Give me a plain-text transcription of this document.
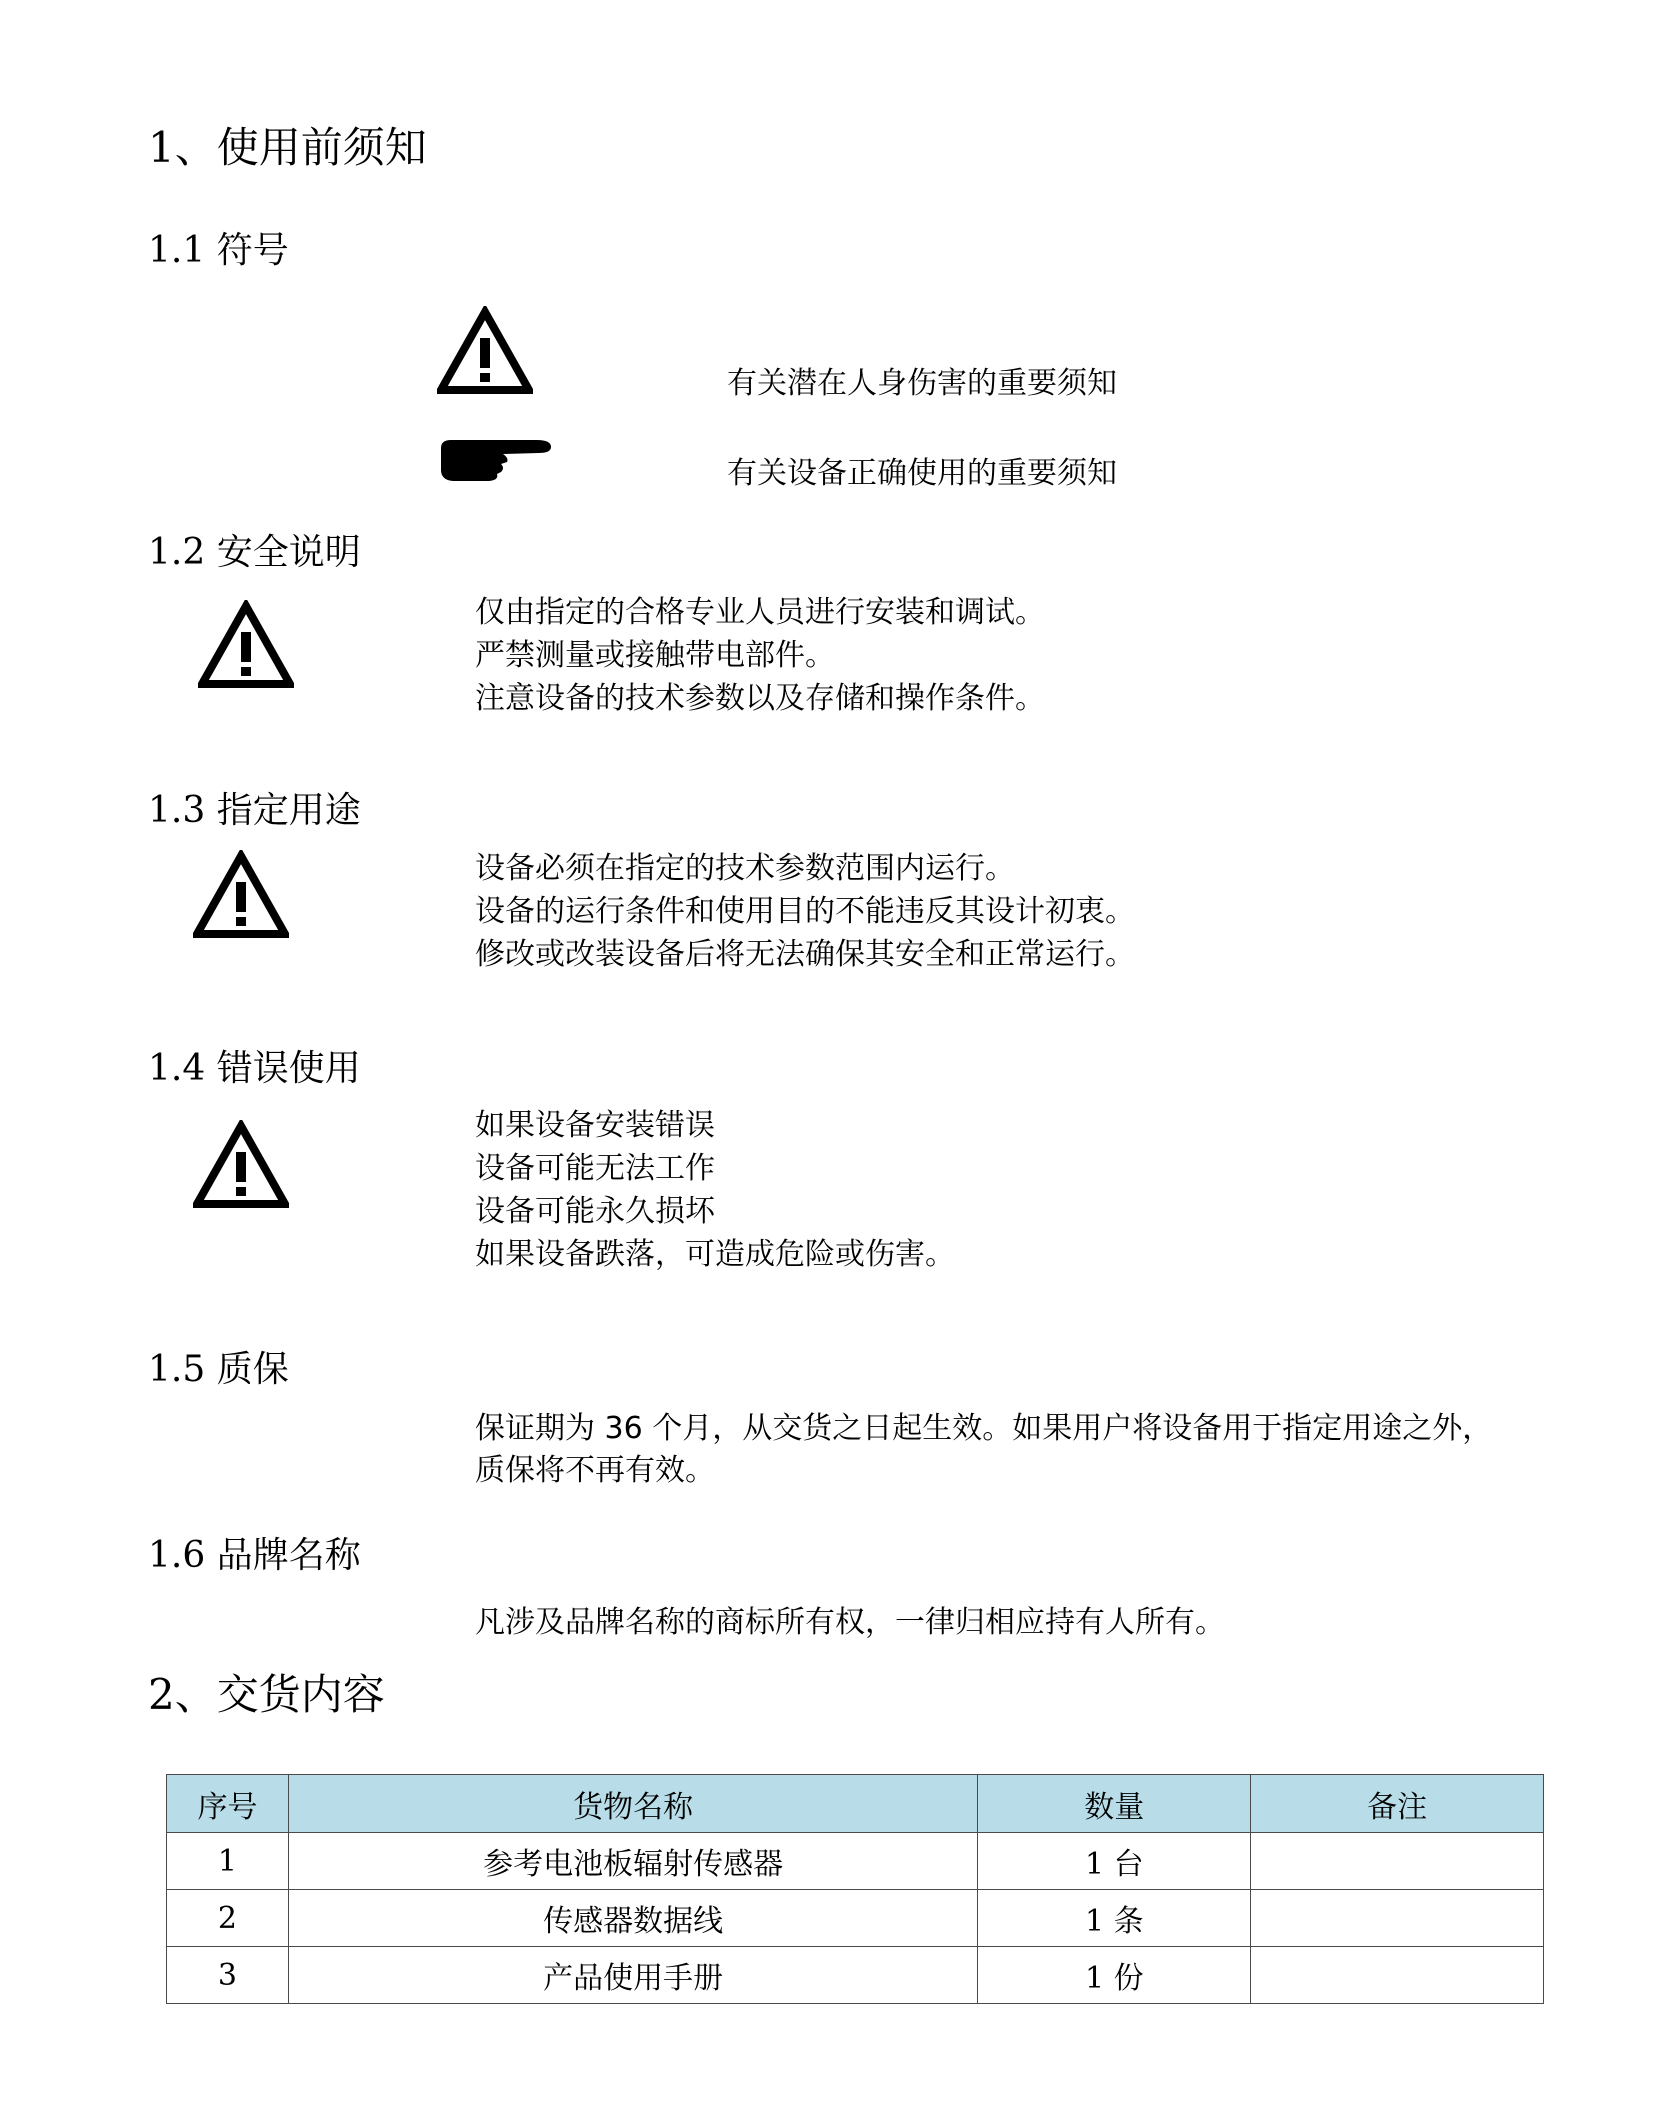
1、使用前须知
1.1 符号
有关潜在人身伤害的重要须知
有关设备正确使用的重要须知
1.2 安全说明
仅由指定的合格专业人员进行安装和调试。
严禁测量或接触带电部件。
注意设备的技术参数以及存储和操作条件。
1.3 指定用途
设备必须在指定的技术参数范围内运行。
设备的运行条件和使用目的不能违反其设计初衷。
修改或改装设备后将无法确保其安全和正常运行。
1.4 错误使用
如果设备安装错误
设备可能无法工作
设备可能永久损坏
如果设备跌落，可造成危险或伤害。
1.5 质保
保证期为 36 个月，从交货之日起生效。如果用户将设备用于指定用途之外，质保将不再有效。
1.6 品牌名称
凡涉及品牌名称的商标所有权，一律归相应持有人所有。
2、交货内容
序号	货物名称	数量	备注
1	参考电池板辐射传感器	1 台	
2	传感器数据线	1 条	
3	产品使用手册	1 份	
